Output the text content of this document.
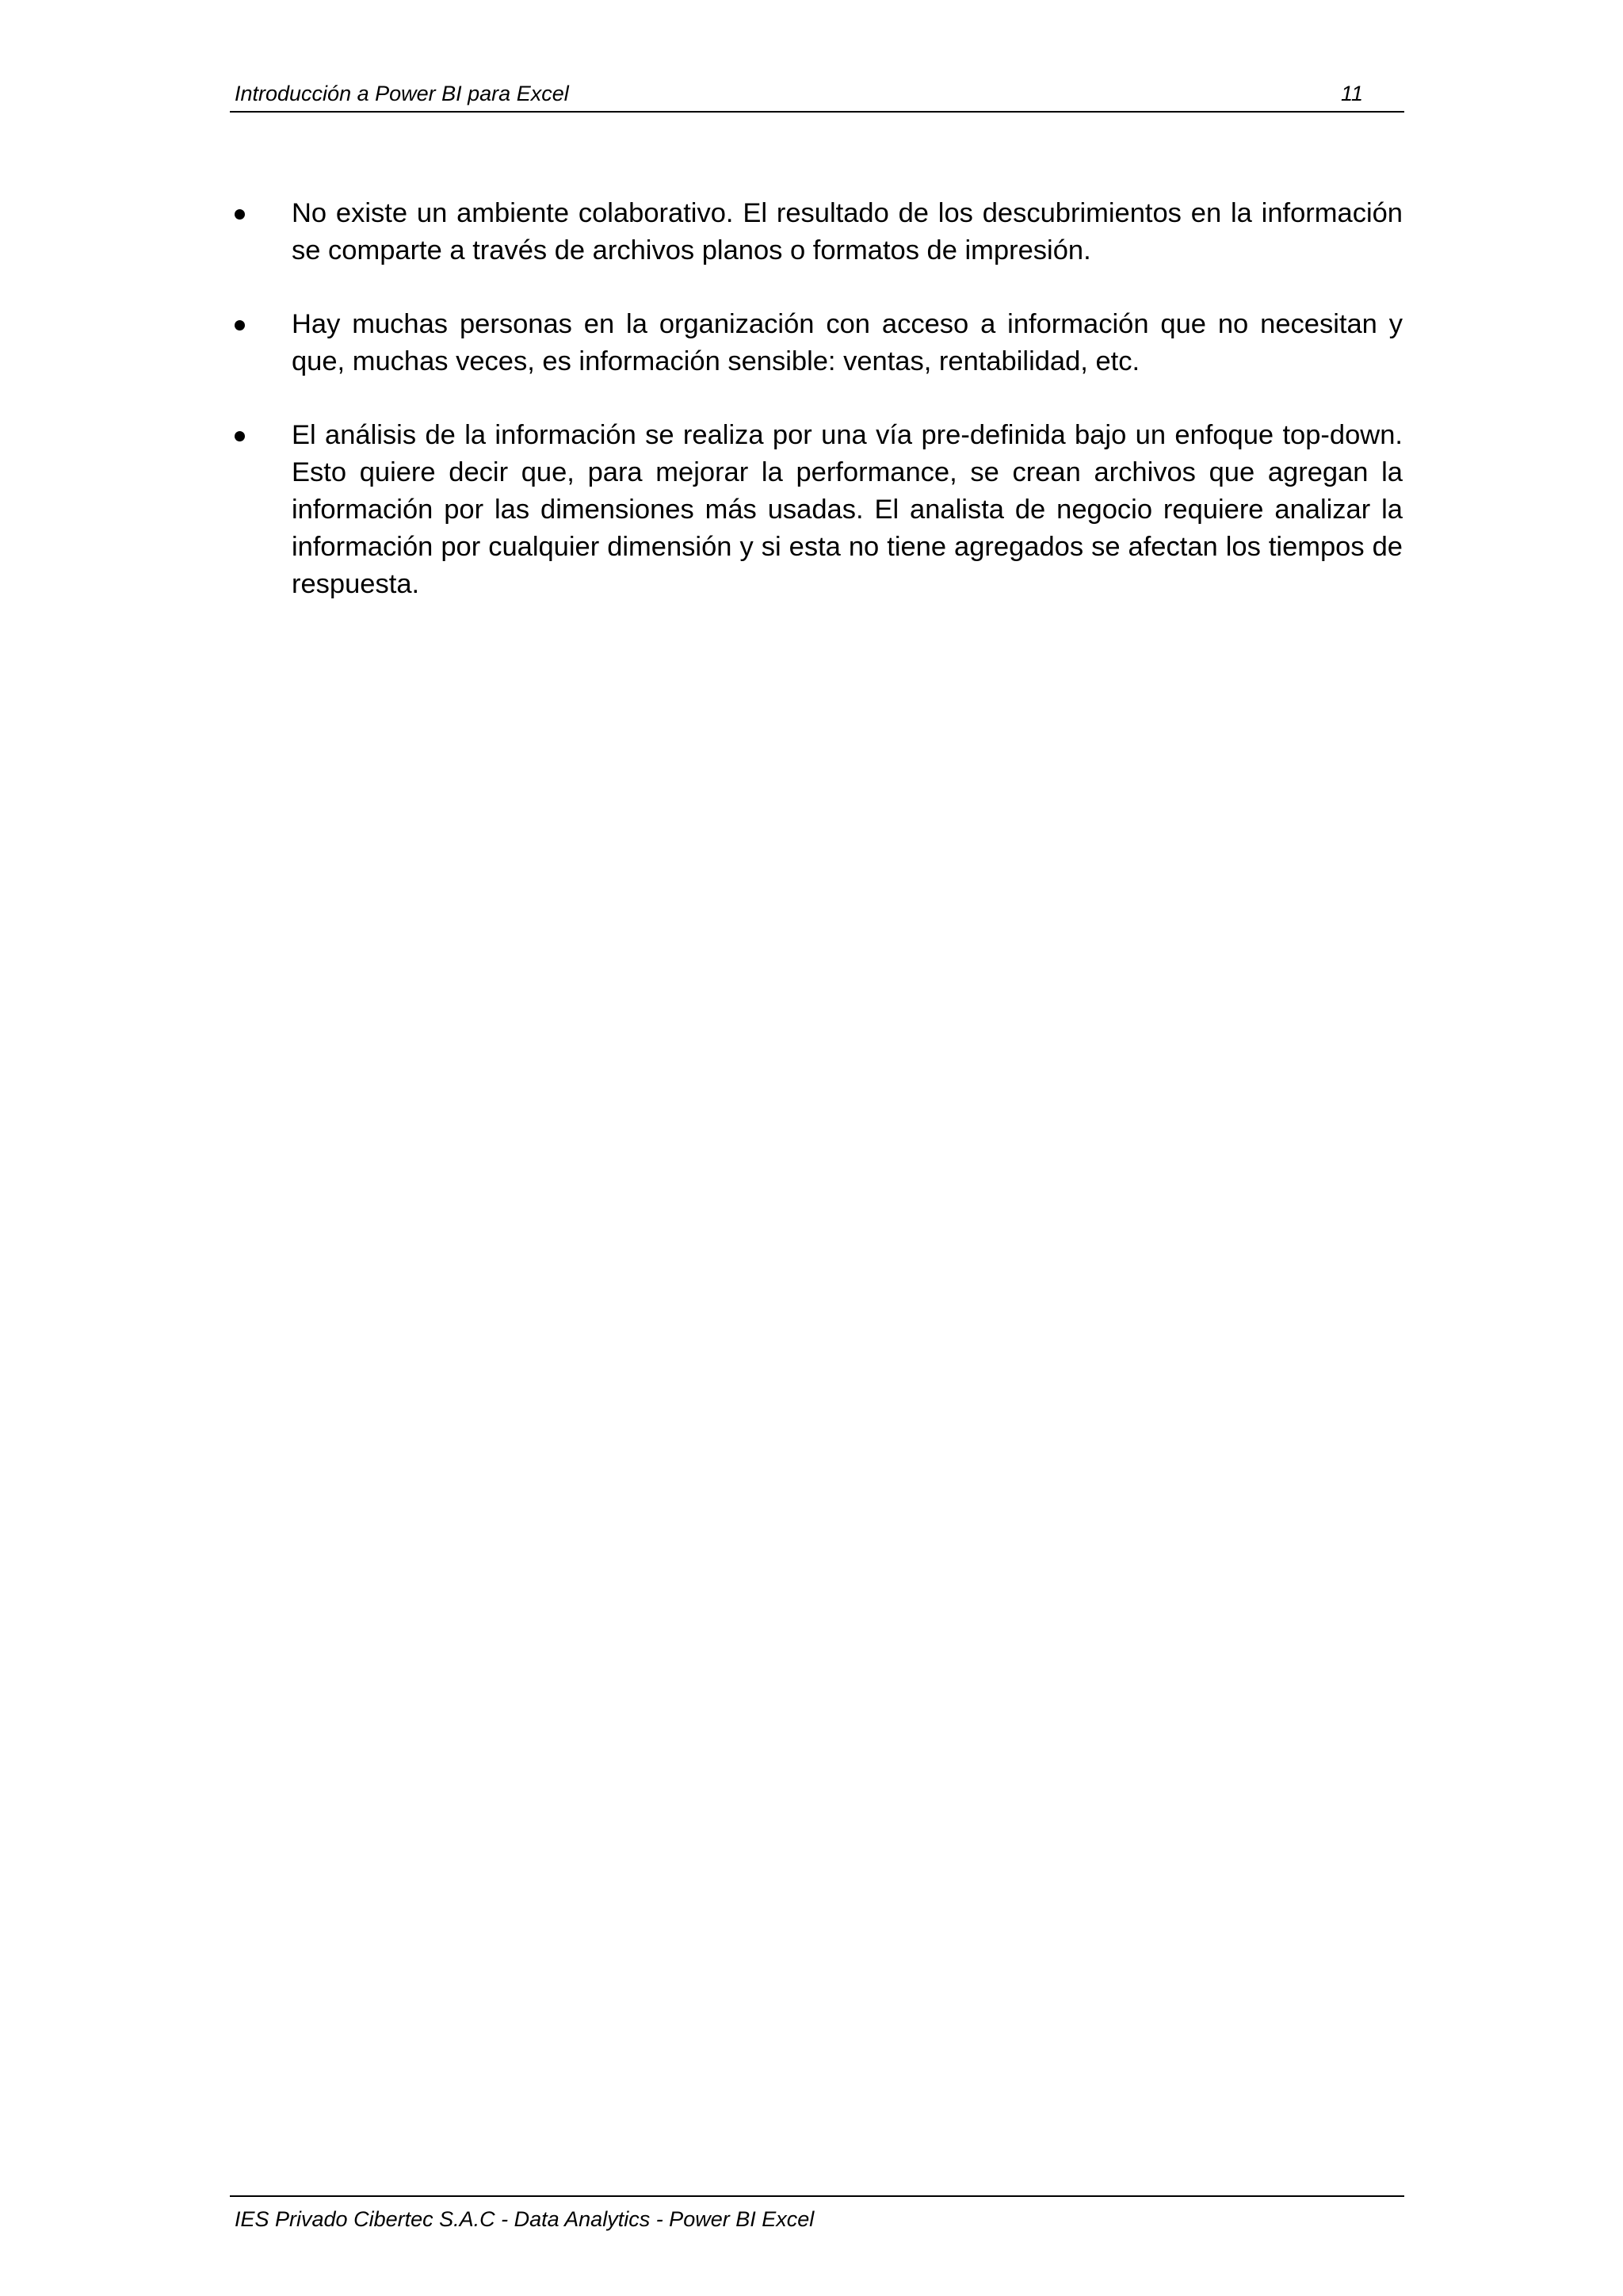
Introducción a Power BI para Excel	11
No existe un ambiente colaborativo. El resultado de los descubrimientos en la información se comparte a través de archivos planos o formatos de impresión.
Hay muchas personas en la organización con acceso a información que no necesitan y que, muchas veces, es información sensible: ventas, rentabilidad, etc.
El análisis de la información se realiza por una vía pre-definida bajo un enfoque top-down. Esto quiere decir que, para mejorar la performance, se crean archivos que agregan la información por las dimensiones más usadas. El analista de negocio requiere analizar la información por cualquier dimensión y si esta no tiene agregados se afectan los tiempos de respuesta.
IES Privado Cibertec S.A.C - Data Analytics - Power BI Excel
